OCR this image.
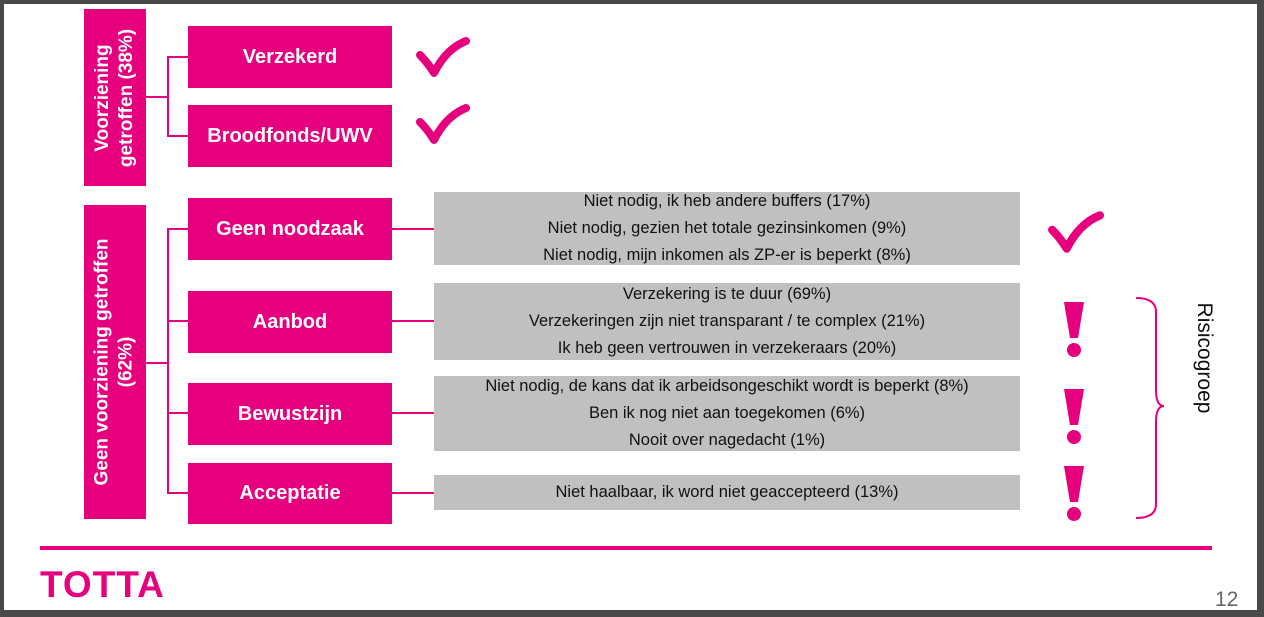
Voorziening getroffen (38%)
Geen voorziening getroffen (62%)
Verzekerd
Broodfonds/UWV
Geen noodzaak
Aanbod
Bewustzijn
Acceptatie
Niet nodig, ik heb andere buffers (17%)
Niet nodig, gezien het totale gezinsinkomen (9%)
Niet nodig, mijn inkomen als ZP-er is beperkt (8%)
Verzekering is te duur (69%)
Verzekeringen zijn niet transparant / te complex (21%)
Ik heb geen vertrouwen in verzekeraars (20%)
Niet nodig, de kans dat ik arbeidsongeschikt wordt is beperkt (8%)
Ben ik nog niet aan toegekomen (6%)
Nooit over nagedacht (1%)
Niet haalbaar, ik word niet geaccepteerd (13%)
Risicogroep
TOTTA	12
